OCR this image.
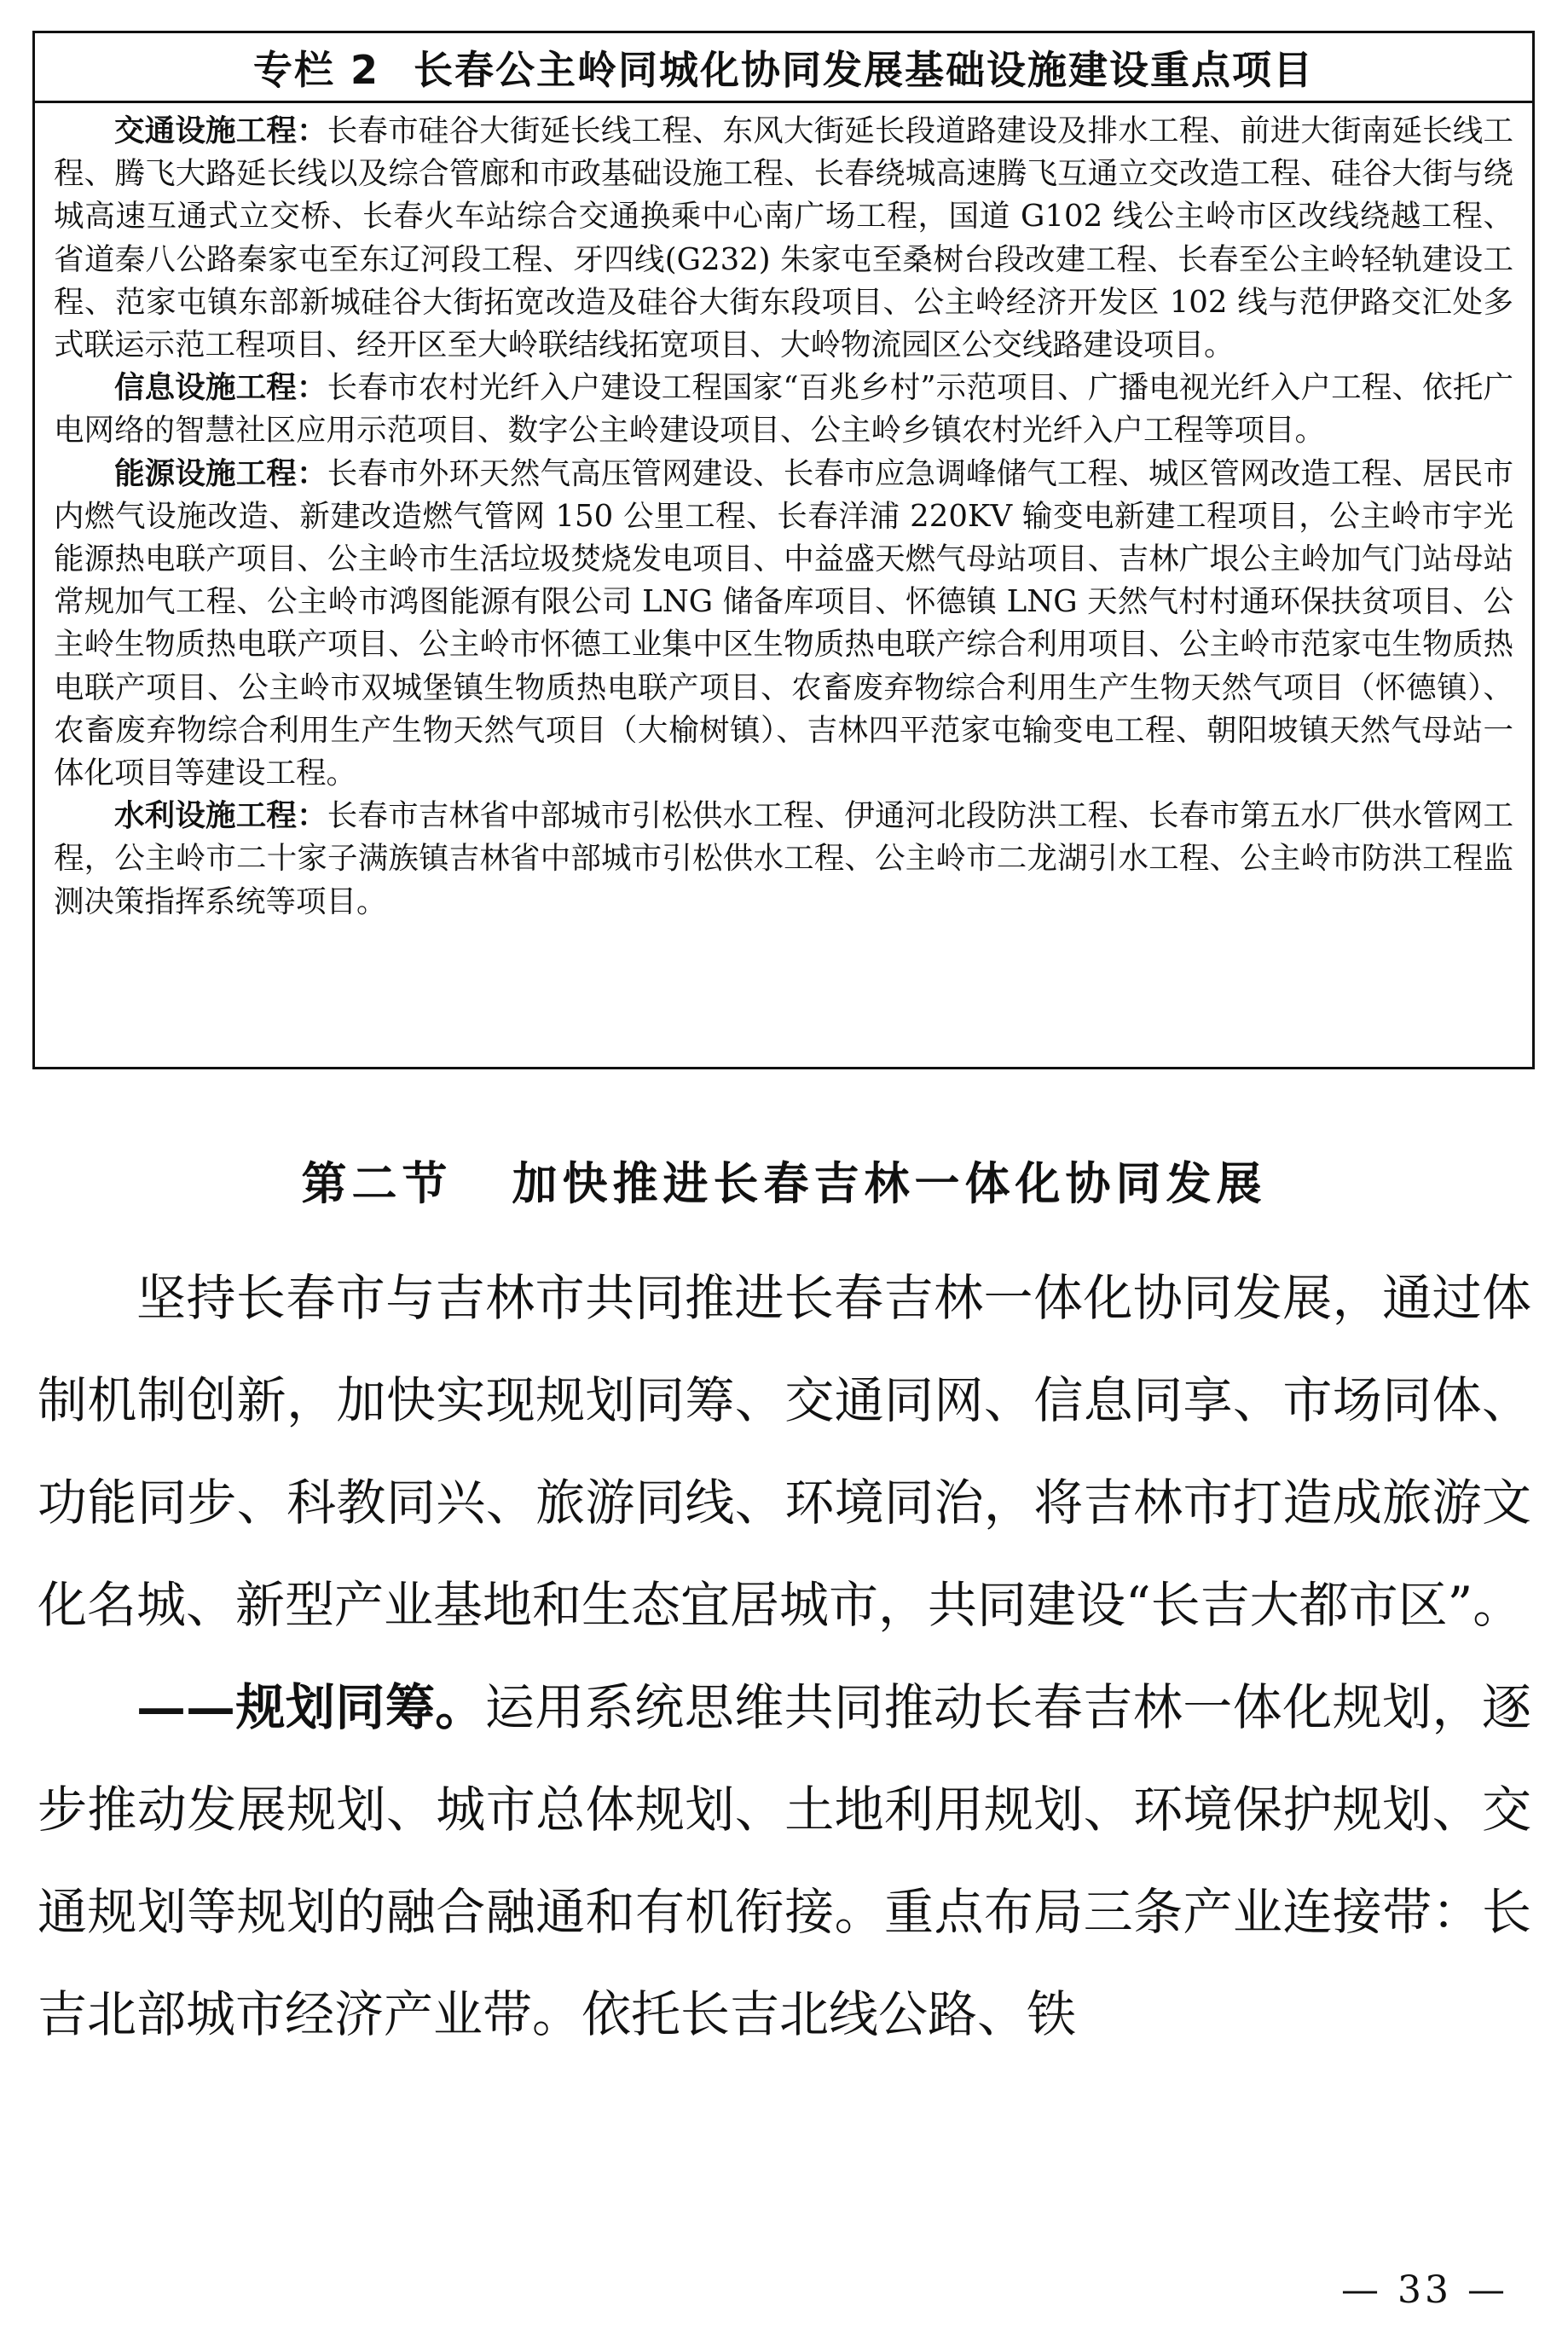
专栏 2 长春公主岭同城化协同发展基础设施建设重点项目

交通设施工程：长春市硅谷大街延长线工程、东风大街延长段道路建设及排水工程、前进大街南延长线工程、腾飞大路延长线以及综合管廊和市政基础设施工程、长春绕城高速腾飞互通立交改造工程、硅谷大街与绕城高速互通式立交桥、长春火车站综合交通换乘中心南广场工程，国道 G102 线公主岭市区改线绕越工程、省道秦八公路秦家屯至东辽河段工程、牙四线(G232) 朱家屯至桑树台段改建工程、长春至公主岭轻轨建设工程、范家屯镇东部新城硅谷大街拓宽改造及硅谷大街东段项目、公主岭经济开发区 102 线与范伊路交汇处多式联运示范工程项目、经开区至大岭联结线拓宽项目、大岭物流园区公交线路建设项目。

信息设施工程：长春市农村光纤入户建设工程国家“百兆乡村”示范项目、广播电视光纤入户工程、依托广电网络的智慧社区应用示范项目、数字公主岭建设项目、公主岭乡镇农村光纤入户工程等项目。

能源设施工程：长春市外环天然气高压管网建设、长春市应急调峰储气工程、城区管网改造工程、居民市内燃气设施改造、新建改造燃气管网 150 公里工程、长春洋浦 220KV 输变电新建工程项目，公主岭市宇光能源热电联产项目、公主岭市生活垃圾焚烧发电项目、中益盛天燃气母站项目、吉林广垠公主岭加气门站母站常规加气工程、公主岭市鸿图能源有限公司 LNG 储备库项目、怀德镇 LNG 天然气村村通环保扶贫项目、公主岭生物质热电联产项目、公主岭市怀德工业集中区生物质热电联产综合利用项目、公主岭市范家屯生物质热电联产项目、公主岭市双城堡镇生物质热电联产项目、农畜废弃物综合利用生产生物天然气项目（怀德镇）、农畜废弃物综合利用生产生物天然气项目（大榆树镇）、吉林四平范家屯输变电工程、朝阳坡镇天然气母站一体化项目等建设工程。

水利设施工程：长春市吉林省中部城市引松供水工程、伊通河北段防洪工程、长春市第五水厂供水管网工程，公主岭市二十家子满族镇吉林省中部城市引松供水工程、公主岭市二龙湖引水工程、公主岭市防洪工程监测决策指挥系统等项目。

第二节 加快推进长春吉林一体化协同发展

坚持长春市与吉林市共同推进长春吉林一体化协同发展，通过体制机制创新，加快实现规划同筹、交通同网、信息同享、市场同体、功能同步、科教同兴、旅游同线、环境同治，将吉林市打造成旅游文化名城、新型产业基地和生态宜居城市，共同建设“长吉大都市区”。

——规划同筹。运用系统思维共同推动长春吉林一体化规划，逐步推动发展规划、城市总体规划、土地利用规划、环境保护规划、交通规划等规划的融合融通和有机衔接。重点布局三条产业连接带：长吉北部城市经济产业带。依托长吉北线公路、铁

— 33 —
